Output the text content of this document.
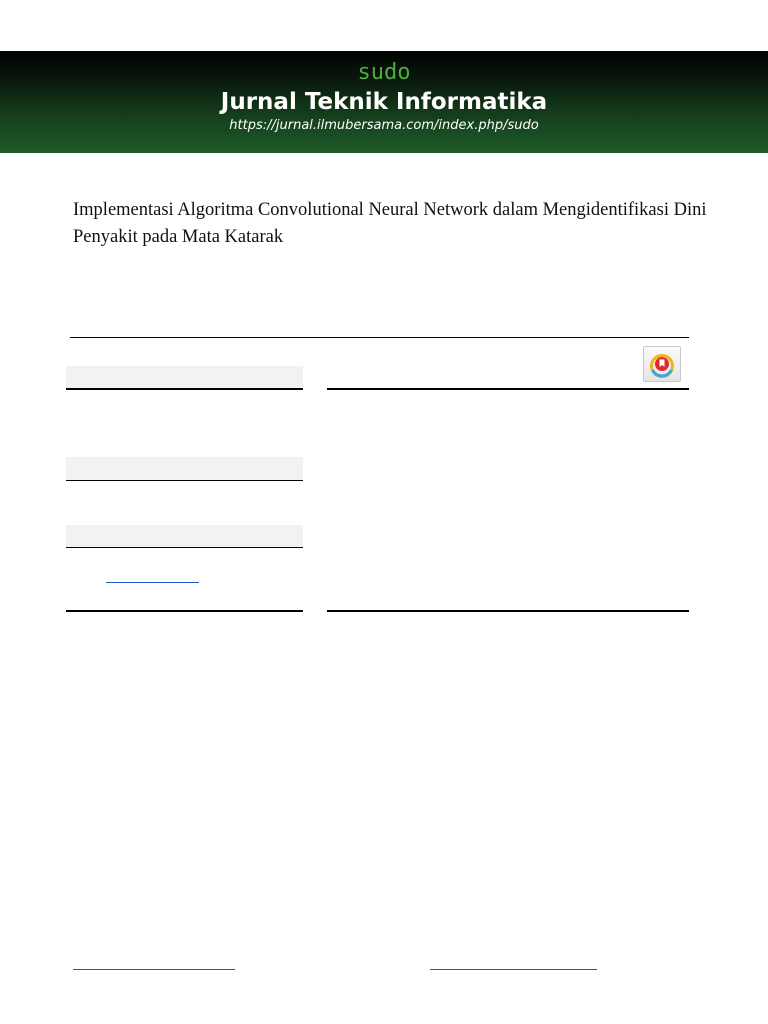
sudo
Jurnal Teknik Informatika
https://jurnal.ilmubersama.com/index.php/sudo
Implementasi Algoritma Convolutional Neural Network dalam Mengidentifikasi Dini Penyakit pada Mata Katarak
